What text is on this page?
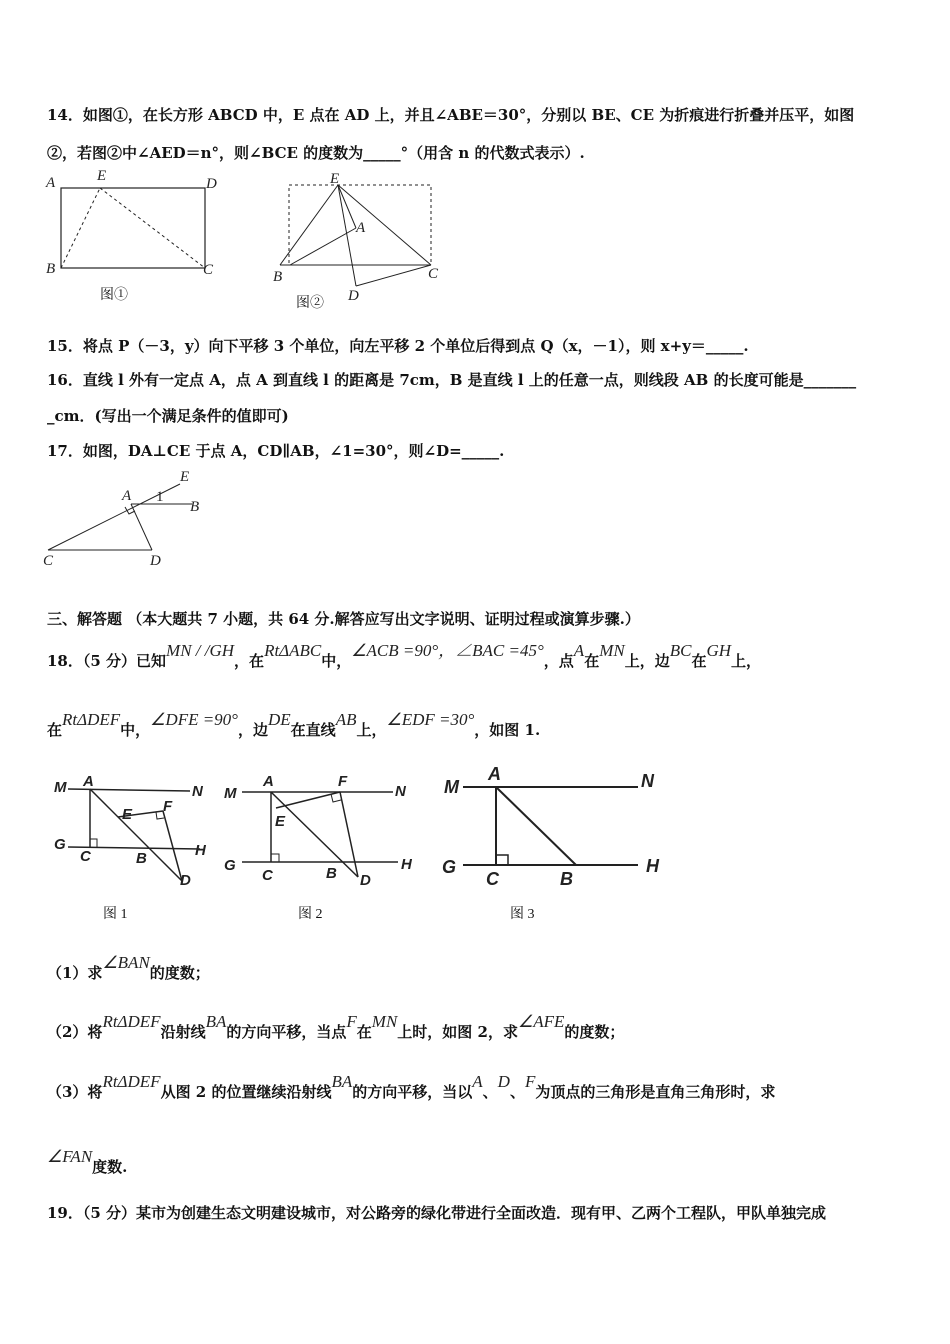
14．如图①，在长方形 ABCD 中，E 点在 AD 上，并且∠ABE＝30°，分别以 BE、CE 为折痕进行折叠并压平，如图
②，若图②中∠AED＝n°，则∠BCE 的度数为_____°（用含 n 的代数式表示）.
A	E	D
B	C
图①
E
A
B	C
D
图②
15．将点 P（－3，y）向下平移 3 个单位，向左平移 2 个单位后得到点 Q（x，－1），则 x+y＝_____.
16．直线 l 外有一定点 A，点 A 到直线 l 的距离是 7cm，B 是直线 l 上的任意一点，则线段 AB 的长度可能是_______
_cm．(写出一个满足条件的值即可)
17．如图，DA⊥CE 于点 A，CD∥AB，∠1=30°，则∠D=_____.
E
A 1
B
C	D
三、解答题 （本大题共 7 小题，共 64 分.解答应写出文字说明、证明过程或演算步骤.）
18．（5 分）已知MN / /GH，在RtΔABC中，∠ACB =90°，∠BAC =45°，点A在MN上，边BC在GH上，
在RtΔDEF中，∠DFE =90°，边DE在直线AB上，∠EDF =30°，如图 1.
M	N
A
E F
G
C	B	H
D
图 1
M	N
A	F
E
G
C	B
H
D
图 2
M	N
A
G
C	B
H
图 3
（1）求∠BAN的度数；
（2）将RtΔDEF沿射线BA的方向平移，当点F在MN上时，如图 2，求∠AFE的度数；
（3）将RtΔDEF从图 2 的位置继续沿射线BA的方向平移，当以A、D、F为顶点的三角形是直角三角形时，求
∠FAN度数.
19．（5 分）某市为创建生态文明建设城市，对公路旁的绿化带进行全面改造．现有甲、乙两个工程队，甲队单独完成
